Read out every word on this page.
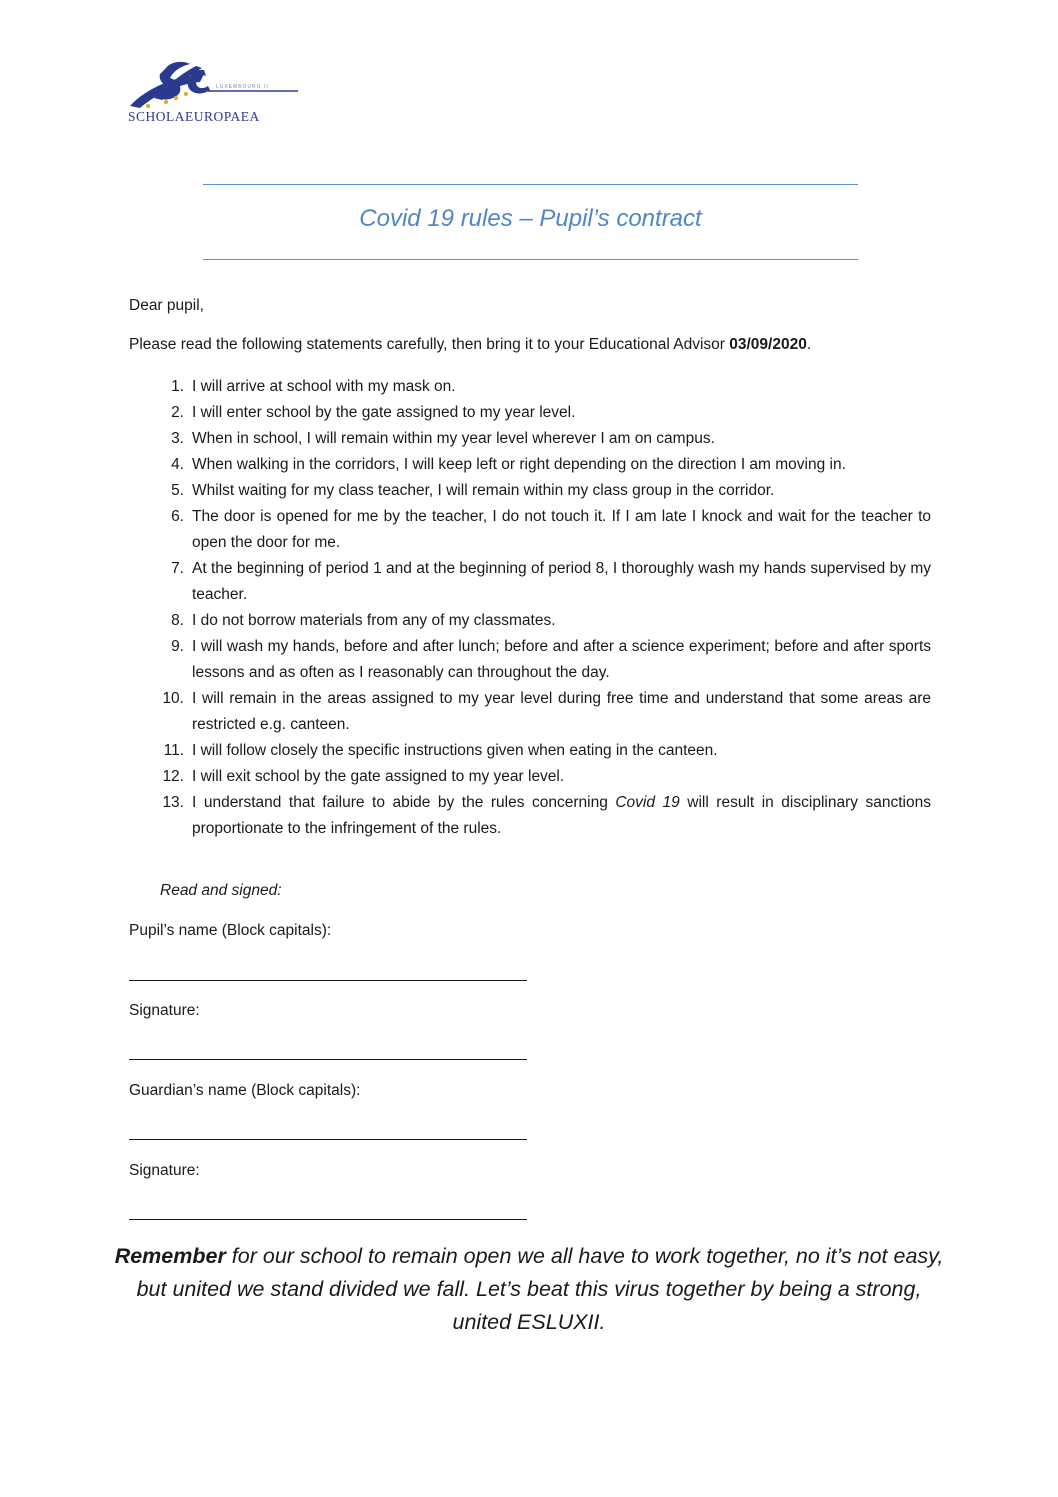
LUXEMBOURG II
SCHOLAEUROPAEA
Covid 19 rules – Pupil’s contract
Dear pupil,
Please read the following statements carefully, then bring it to your Educational Advisor 03/09/2020.
1. I will arrive at school with my mask on.
2. I will enter school by the gate assigned to my year level.
3. When in school, I will remain within my year level wherever I am on campus.
4. When walking in the corridors, I will keep left or right depending on the direction I am moving in.
5. Whilst waiting for my class teacher, I will remain within my class group in the corridor.
6. The door is opened for me by the teacher, I do not touch it. If I am late I knock and wait for the teacher to open the door for me.
7. At the beginning of period 1 and at the beginning of period 8, I thoroughly wash my hands supervised by my teacher.
8. I do not borrow materials from any of my classmates.
9. I will wash my hands, before and after lunch; before and after a science experiment; before and after sports lessons and as often as I reasonably can throughout the day.
10. I will remain in the areas assigned to my year level during free time and understand that some areas are restricted e.g. canteen.
11. I will follow closely the specific instructions given when eating in the canteen.
12. I will exit school by the gate assigned to my year level.
13. I understand that failure to abide by the rules concerning Covid 19 will result in disciplinary sanctions proportionate to the infringement of the rules.
Read and signed:
Pupil’s name (Block capitals):
Signature:
Guardian’s name (Block capitals):
Signature:
Remember for our school to remain open we all have to work together, no it’s not easy, but united we stand divided we fall. Let’s beat this virus together by being a strong, united ESLUXII.
